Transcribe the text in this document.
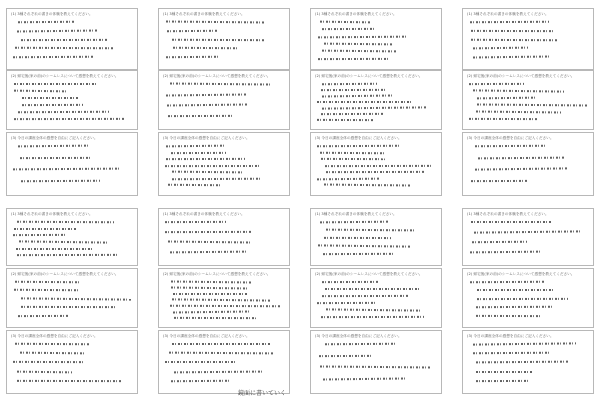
(1) 3種それぞれの書きの体験を教えてください。
(2) 帰宅後(家の前)のシームレスについて感想を教えてください。
(3) 今日の講座全体の感想を自由にご記入ください。
(1) 3種それぞれの書きの体験を教えてください。
(2) 帰宅後(家の前)のシームレスについて感想を教えてください。
(3) 今日の講座全体の感想を自由にご記入ください。
(1) 3種それぞれの書きの体験を教えてください。
(2) 帰宅後(家の前)のシームレスについて感想を教えてください。
(3) 今日の講座全体の感想を自由にご記入ください。
(1) 3種それぞれの書きの体験を教えてください。
(2) 帰宅後(家の前)のシームレスについて感想を教えてください。
(3) 今日の講座全体の感想を自由にご記入ください。
(1) 3種それぞれの書きの体験を教えてください。
(2) 帰宅後(家の前)のシームレスについて感想を教えてください。
(3) 今日の講座全体の感想を自由にご記入ください。
(1) 3種それぞれの書きの体験を教えてください。
(2) 帰宅後(家の前)のシームレスについて感想を教えてください。
(3) 今日の講座全体の感想を自由にご記入ください。
(1) 3種それぞれの書きの体験を教えてください。
(2) 帰宅後(家の前)のシームレスについて感想を教えてください。
(3) 今日の講座全体の感想を自由にご記入ください。
(1) 3種それぞれの書きの体験を教えてください。
(2) 帰宅後(家の前)のシームレスについて感想を教えてください。
(3) 今日の講座全体の感想を自由にご記入ください。
鏡面に書いていく
